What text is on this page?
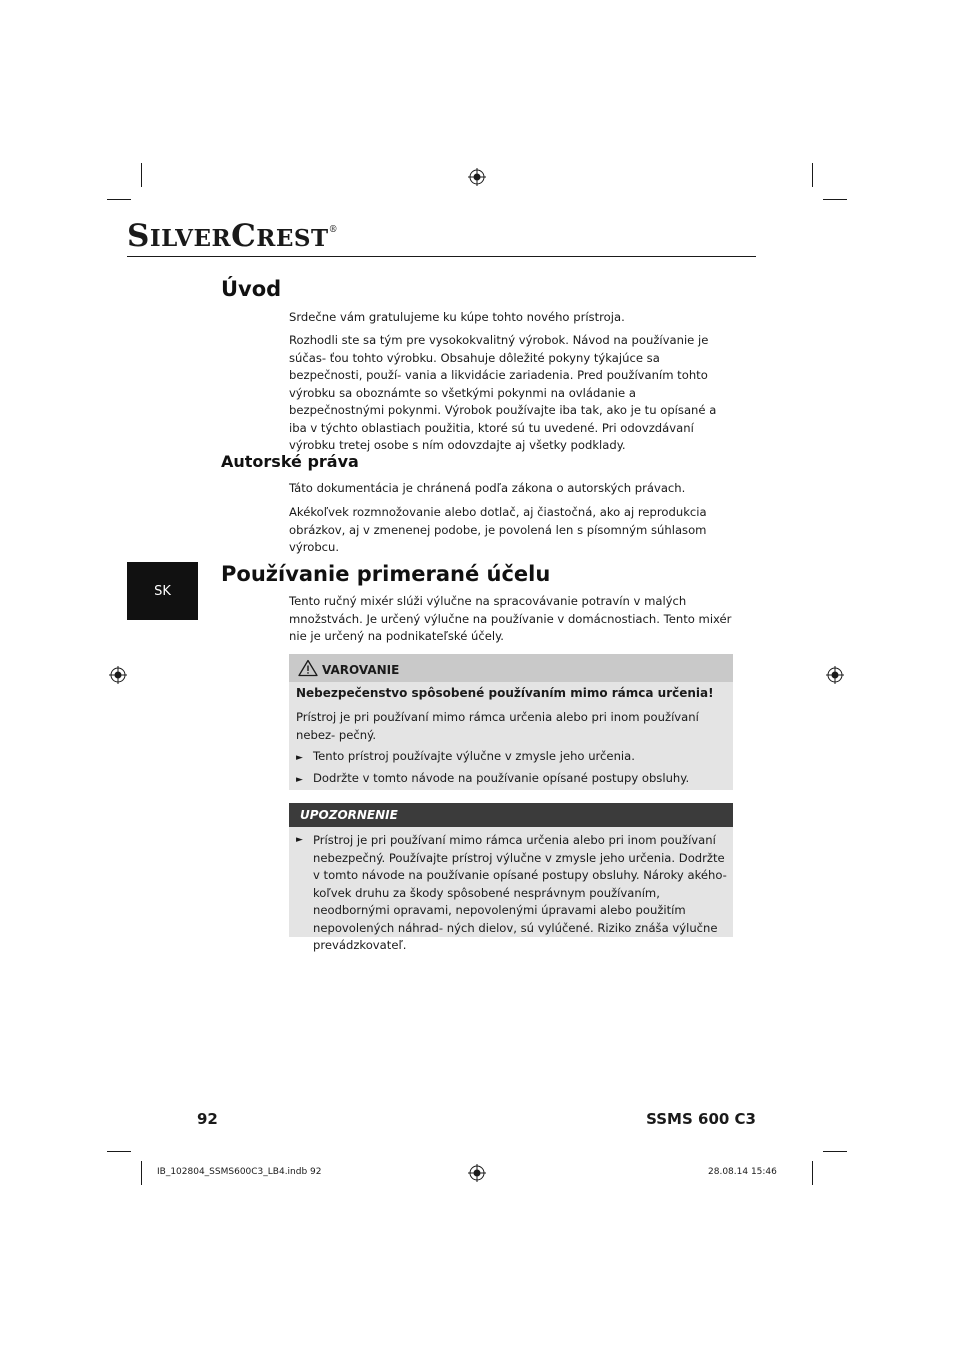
SILVERCREST®
Úvod

Srdečne vám gratulujeme ku kúpe tohto nového prístroja.

Rozhodli ste sa tým pre vysokokvalitný výrobok. Návod na používanie je súčas- ťou tohto výrobku. Obsahuje dôležité pokyny týkajúce sa bezpečnosti, použí- vania a likvidácie zariadenia. Pred používaním tohto výrobku sa oboznámte so všetkými pokynmi na ovládanie a bezpečnostnými pokynmi. Výrobok používajte iba tak, ako je tu opísané a iba v týchto oblastiach použitia, ktoré sú tu uvedené. Pri odovzdávaní výrobku tretej osobe s ním odovzdajte aj všetky podklady.

Autorské práva

Táto dokumentácia je chránená podľa zákona o autorských právach.

Akékoľvek rozmnožovanie alebo dotlač, aj čiastočná, ako aj reprodukcia obrázkov, aj v zmenenej podobe, je povolená len s písomným súhlasom výrobcu.

SK
Používanie primerané účelu

Tento ručný mixér slúži výlučne na spracovávanie potravín v malých množstvách. Je určený výlučne na používanie v domácnostiach. Tento mixér nie je určený na podnikateľské účely.

VAROVANIE
Nebezpečenstvo spôsobené používaním mimo rámca určenia!

Prístroj je pri používaní mimo rámca určenia alebo pri inom používaní nebez- pečný.

► Tento prístroj používajte výlučne v zmysle jeho určenia.
► Dodržte v tomto návode na používanie opísané postupy obsluhy.
UPOZORNENIE
► Prístroj je pri používaní mimo rámca určenia alebo pri inom používaní nebezpečný. Používajte prístroj výlučne v zmysle jeho určenia. Dodržte v tomto návode na používanie opísané postupy obsluhy. Nároky akého- koľvek druhu za škody spôsobené nesprávnym používaním, neodbornými opravami, nepovolenými úpravami alebo použitím nepovolených náhrad- ných dielov, sú vylúčené. Riziko znáša výlučne prevádzkovateľ.
92	SSMS 600 C3
IB_102804_SSMS600C3_LB4.indb 92	28.08.14 15:46
